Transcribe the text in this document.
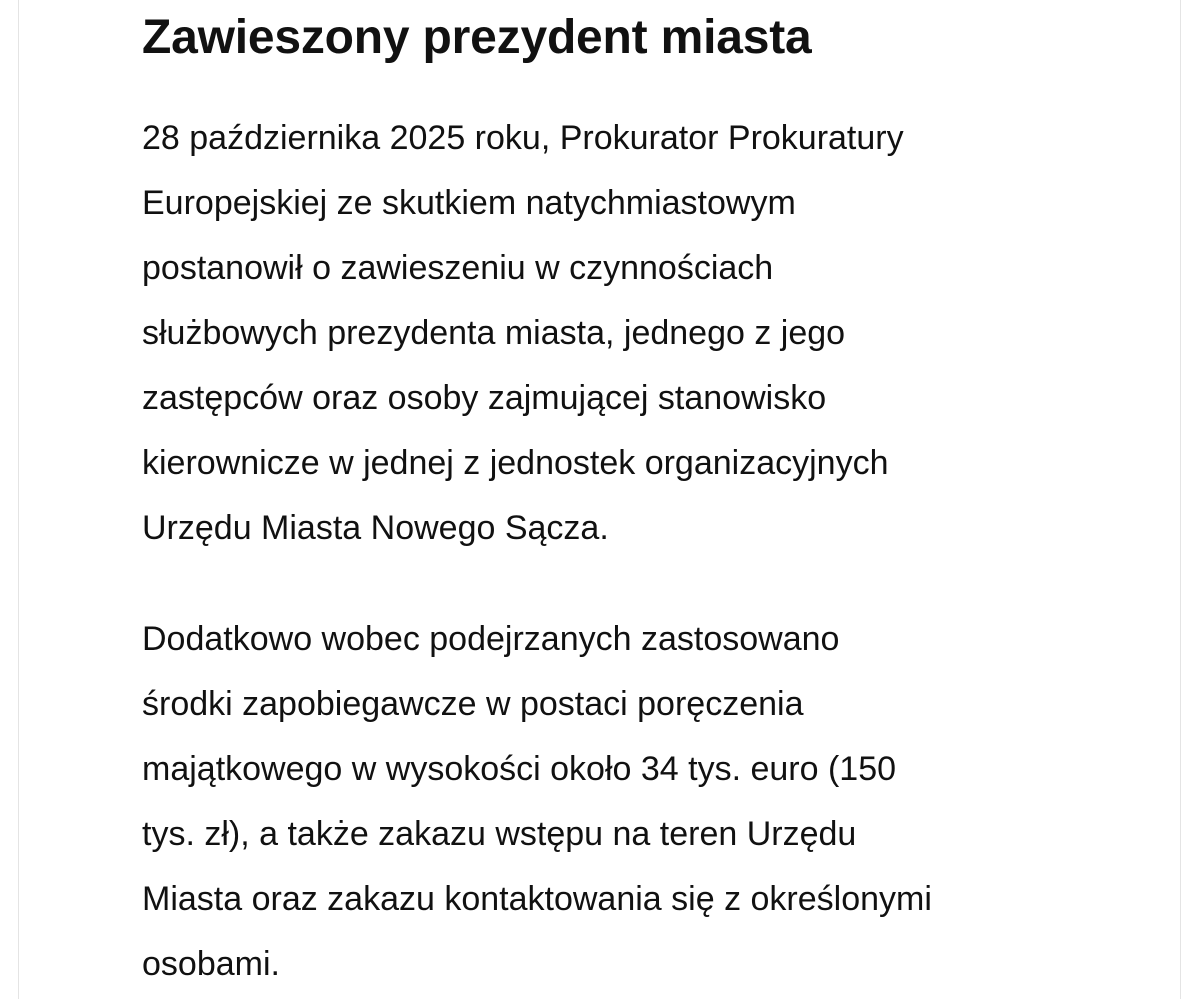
Zawieszony prezydent miasta

28 października 2025 roku, Prokurator Prokuratury
Europejskiej ze skutkiem natychmiastowym
postanowił o zawieszeniu w czynnościach
służbowych prezydenta miasta, jednego z jego
zastępców oraz osoby zajmującej stanowisko
kierownicze w jednej z jednostek organizacyjnych
Urzędu Miasta Nowego Sącza.

Dodatkowo wobec podejrzanych zastosowano
środki zapobiegawcze w postaci poręczenia
majątkowego w wysokości około 34 tys. euro (150
tys. zł), a także zakazu wstępu na teren Urzędu
Miasta oraz zakazu kontaktowania się z określonymi
osobami.
